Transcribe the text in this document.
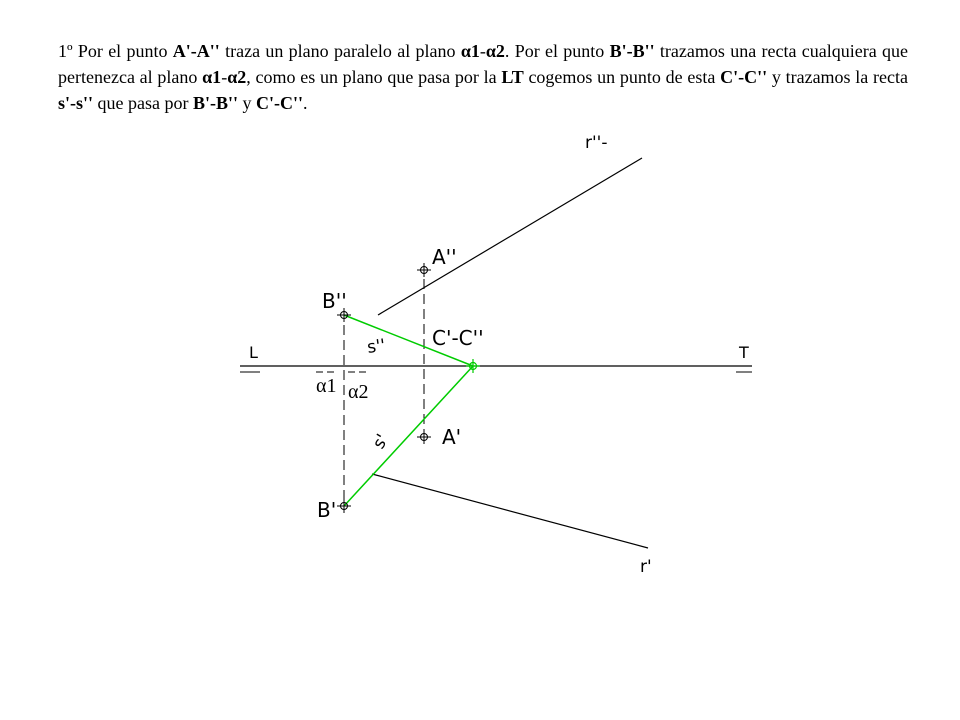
1º Por el punto A'-A'' traza un plano paralelo al plano α1-α2. Por el punto B'-B'' trazamos una recta cualquiera que pertenezca al plano α1-α2, como es un plano que pasa por la LT cogemos un punto de esta C'-C'' y trazamos la recta s'-s'' que pasa por B'-B'' y C'-C''.
L	T
r''-
r'
A''
B''
C'-C''
s''
A'
B'
s'
α1 α2
